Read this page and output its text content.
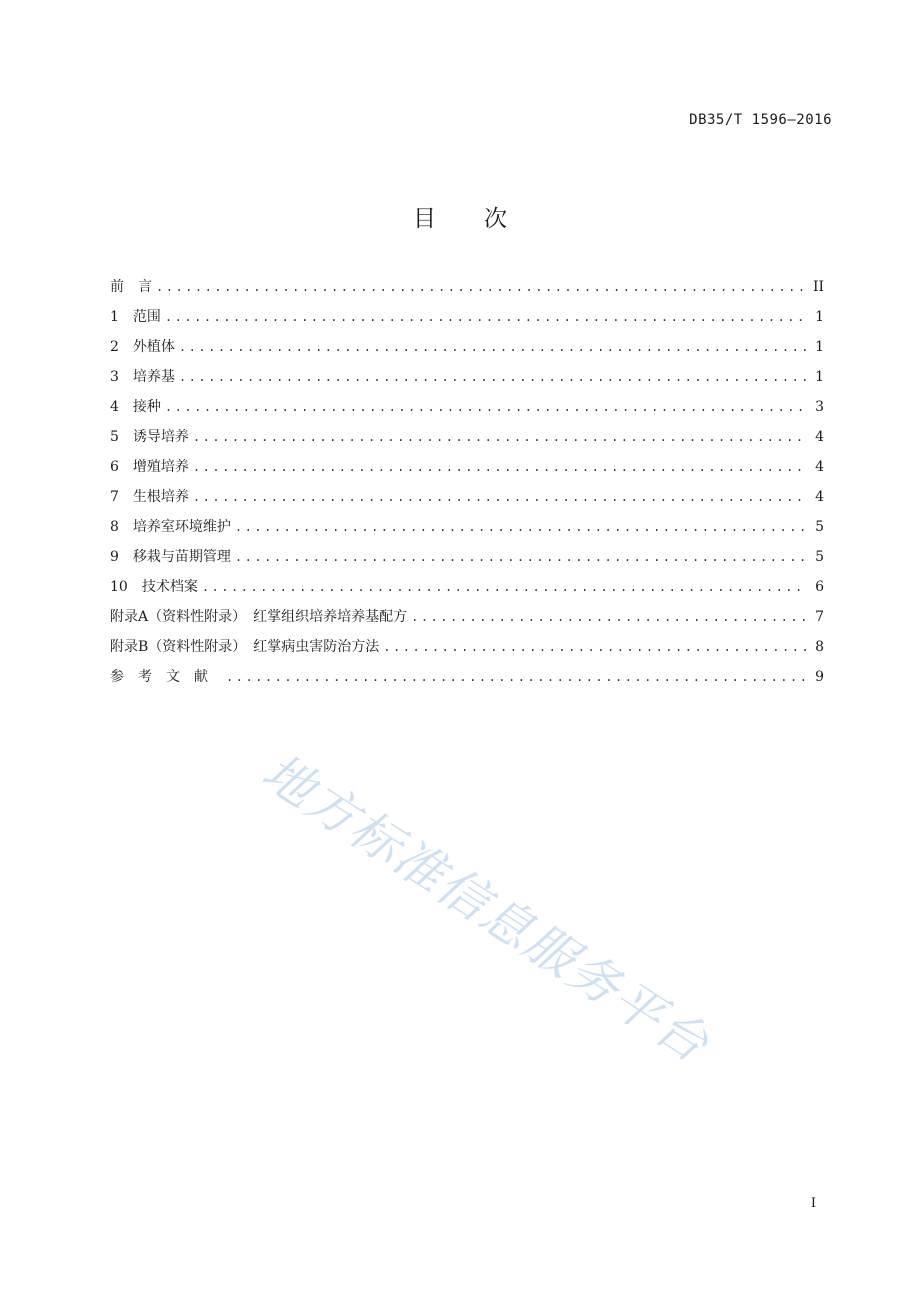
DB35/T 1596—2016
目次
前　言 .....	II
1　范围 .....	1
2　外植体 .....	1
3　培养基 .....	1
4　接种 .....	3
5　诱导培养 .....	4
6　增殖培养 .....	4
7　生根培养 .....	4
8　培养室环境维护 .....	5
9　移栽与苗期管理 .....	5
10　技术档案 .....	6
附录A（资料性附录）　红掌组织培养培养基配方 .....	7
附录B（资料性附录）　红掌病虫害防治方法 .....	8
参考文献 .....	9
地方标准信息服务平台
I
